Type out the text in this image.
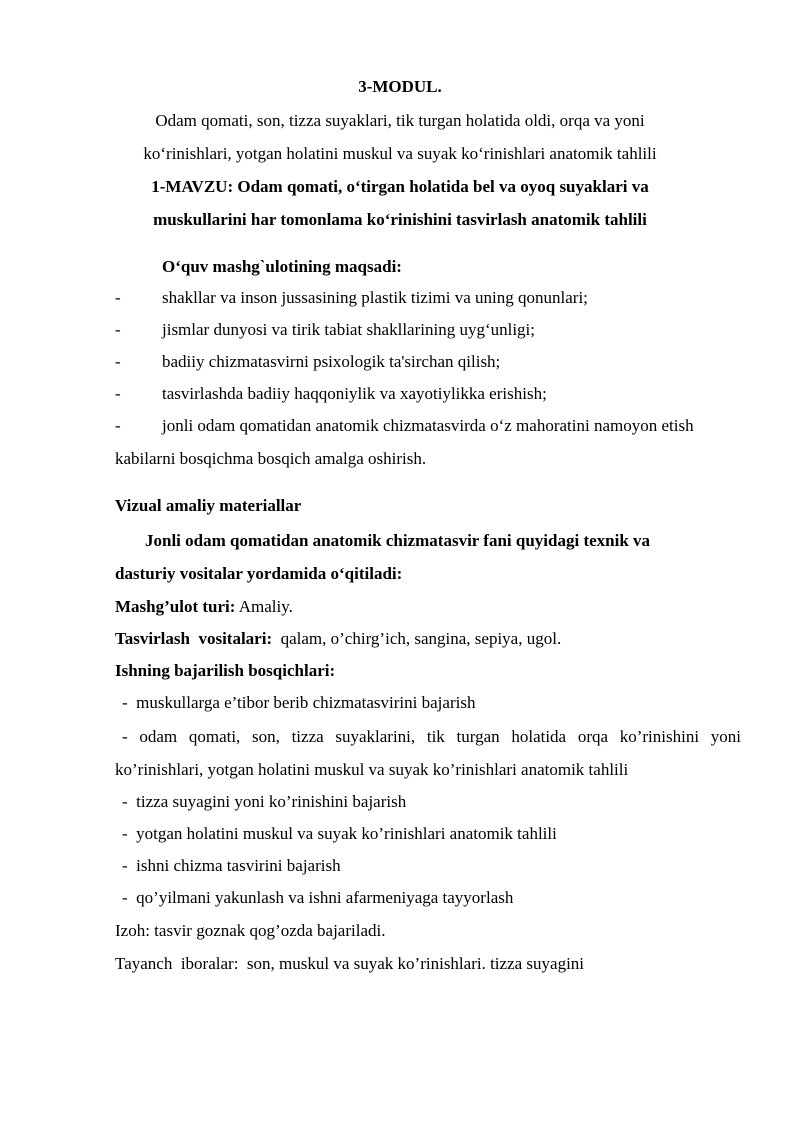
3-MODUL.
Odam qomati, son, tizza suyaklari, tik turgan holatida oldi, orqa va yoni
ko‘rinishlari, yotgan holatini muskul va suyak ko‘rinishlari anatomik tahlili
1-MAVZU: Odam qomati, o‘tirgan holatida bel va oyoq suyaklari va
muskullarini har tomonlama ko‘rinishini tasvirlash anatomik tahlili
O‘quv mashg`ulotining maqsadi:
- shakllar va inson jussasining plastik tizimi va uning qonunlari;
- jismlar dunyosi va tirik tabiat shakllarining uyg‘unligi;
- badiiy chizmatasvirni psixologik ta'sirchan qilish;
- tasvirlashda badiiy haqqoniylik va xayotiylikka erishish;
- jonli odam qomatidan anatomik chizmatasvirda o‘z mahoratini namoyon etish
kabilarni bosqichma bosqich amalga oshirish.
Vizual amaliy materiallar
Jonli odam qomatidan anatomik chizmatasvir fani quyidagi texnik va
dasturiy vositalar yordamida o‘qitiladi:
Mashg’ulot turi: Amaliy.
Tasvirlash  vositalari:  qalam, o’chirg’ich, sangina, sepiya, ugol.
Ishning bajarilish bosqichlari:
-  muskullarga e’tibor berib chizmatasvirini bajarish
- odam qomati, son, tizza suyaklarini, tik turgan holatida orqa ko’rinishini yoni
ko’rinishlari, yotgan holatini muskul va suyak ko’rinishlari anatomik tahlili
-  tizza suyagini yoni ko’rinishini bajarish
-  yotgan holatini muskul va suyak ko’rinishlari anatomik tahlili
-  ishni chizma tasvirini bajarish
-  qo’yilmani yakunlash va ishni afarmeniyaga tayyorlash
Izoh: tasvir goznak qog’ozda bajariladi.
Tayanch  iboralar:  son, muskul va suyak ko’rinishlari. tizza suyagini
